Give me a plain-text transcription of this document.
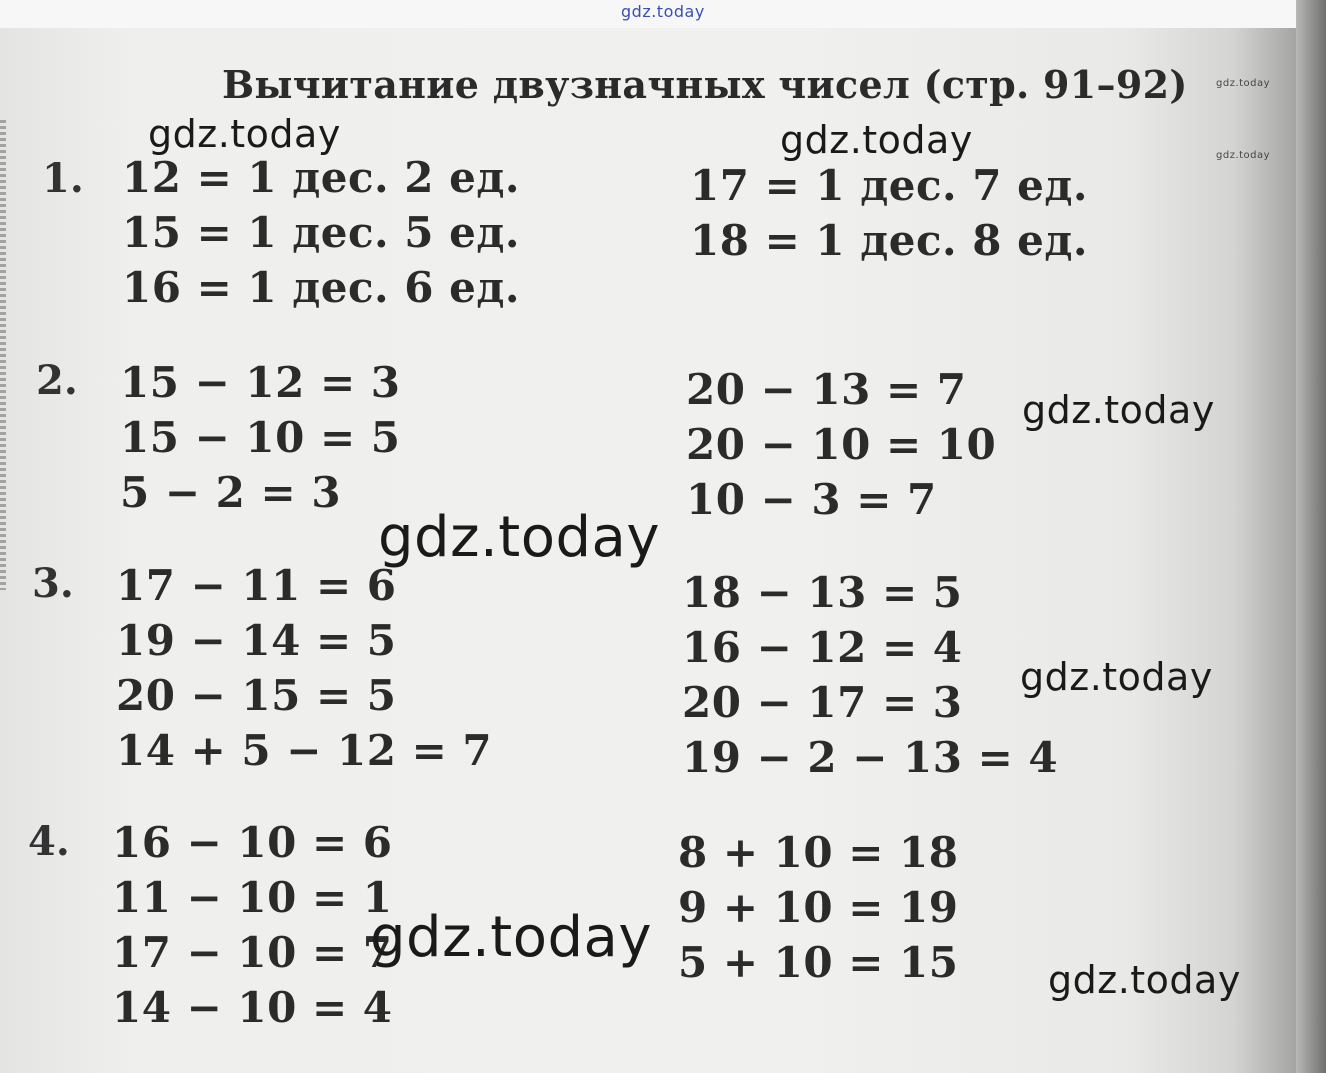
gdz.today
Вычитание двузначных чисел (стр. 91–92)
1. 12 = 1 дес. 2 ед.
15 = 1 дес. 5 ед.
16 = 1 дес. 6 ед.
17 = 1 дес. 7 ед.
18 = 1 дес. 8 ед.
2. 15 − 12 = 3
15 − 10 = 5
5 − 2 = 3
20 − 13 = 7
20 − 10 = 10
10 − 3 = 7
3. 17 − 11 = 6
19 − 14 = 5
20 − 15 = 5
14 + 5 − 12 = 7
18 − 13 = 5
16 − 12 = 4
20 − 17 = 3
19 − 2 − 13 = 4
4. 16 − 10 = 6
11 − 10 = 1
17 − 10 = 7
14 − 10 = 4
8 + 10 = 18
9 + 10 = 19
5 + 10 = 15
gdz.today
gdz.today
gdz.today	gdz.today
gdz.today
gdz.today
gdz.today
gdz.today
gdz.today
